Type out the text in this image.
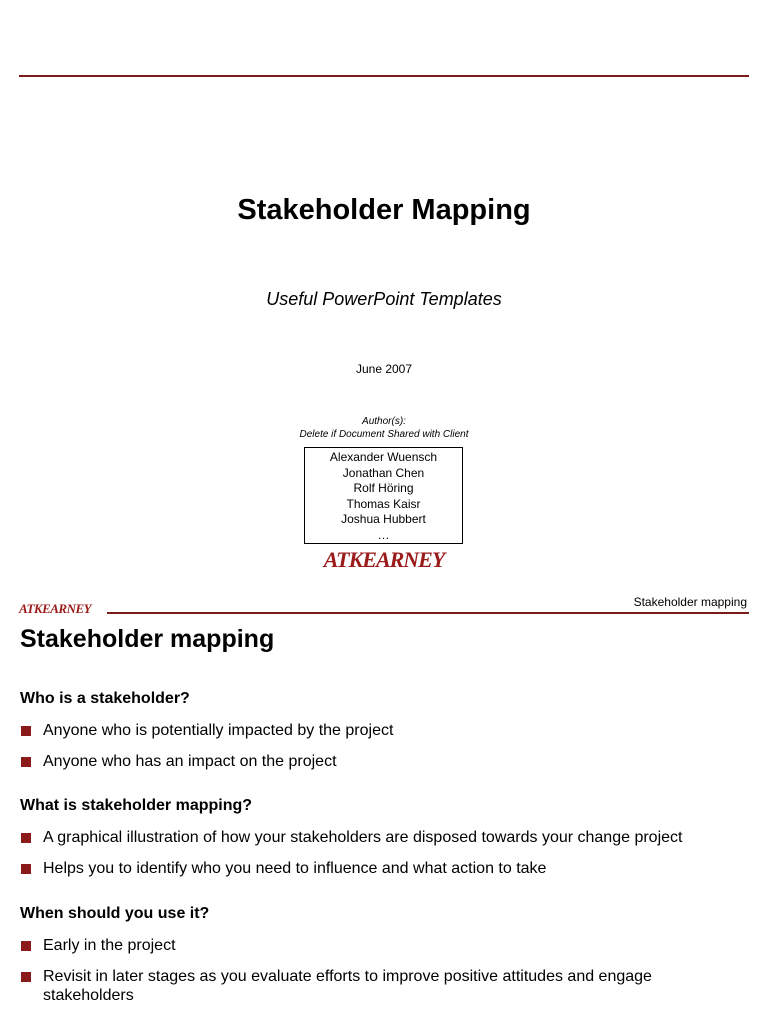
Stakeholder Mapping
Useful PowerPoint Templates
June 2007
Author(s):
Delete if Document Shared with Client
Alexander Wuensch
Jonathan Chen
Rolf Höring
Thomas Kaisr
Joshua Hubbert
…
ATKEARNEY
ATKEARNEY	Stakeholder mapping
Stakeholder mapping
Who is a stakeholder?
Anyone who is potentially impacted by the project
Anyone who has an impact on the project
What is stakeholder mapping?
A graphical illustration of how your stakeholders are disposed towards your change project
Helps you to identify who you need to influence and what action to take
When should you use it?
Early in the project
Revisit in later stages as you evaluate efforts to improve positive attitudes and engage stakeholders
